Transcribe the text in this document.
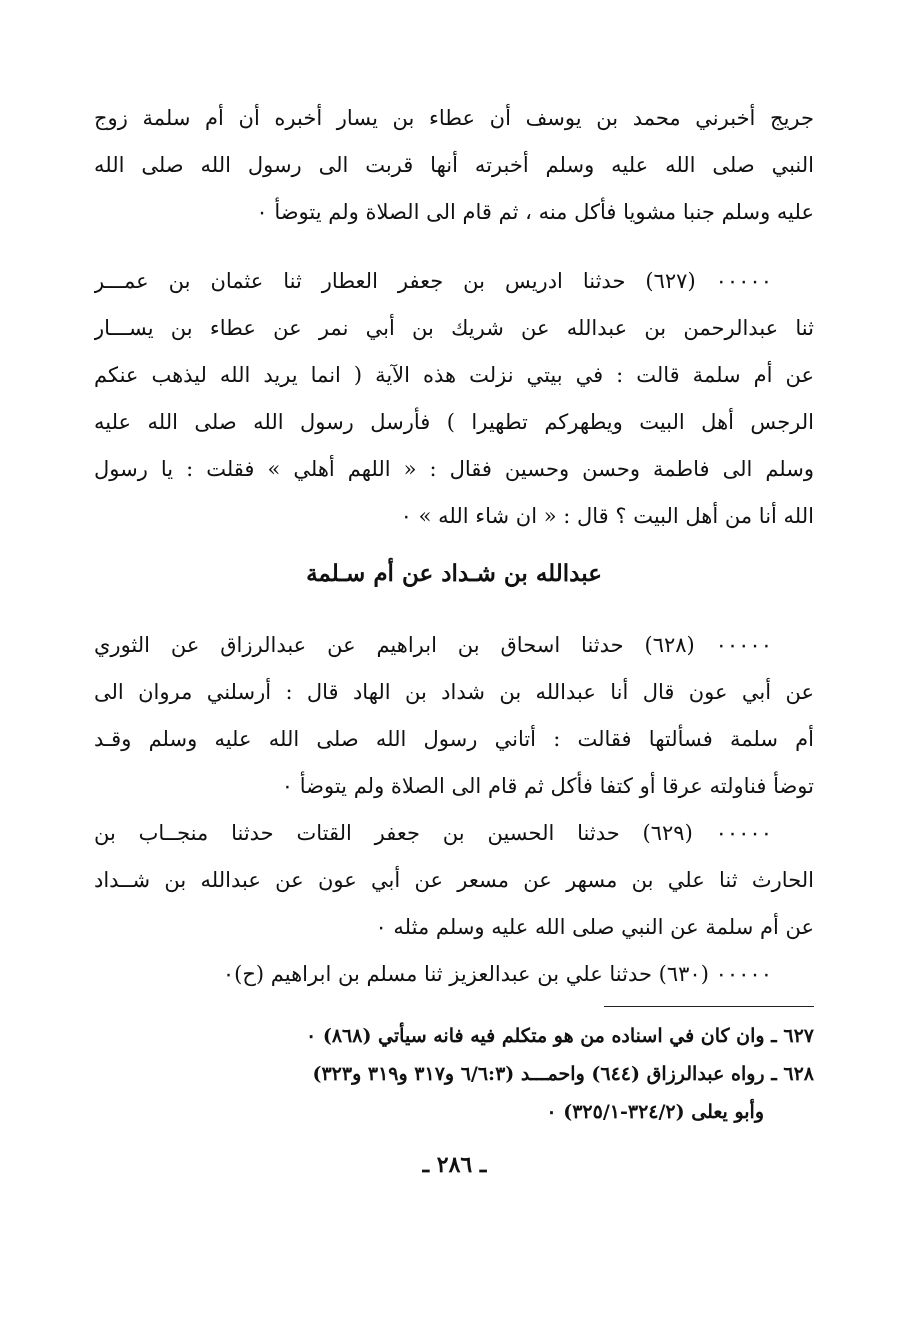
جريج أخبرني محمد بن يوسف أن عطاء بن يسار أخبره أن أم سلمة زوج
النبي صلى الله عليه وسلم أخبرته أنها قربت الى رسول الله صلى الله
عليه وسلم جنبا مشويا فأكل منه ، ثم قام الى الصلاة ولم يتوضأ ٠
٠٠٠٠٠ (٦٢٧) حدثنا ادريس بن جعفر العطار ثنا عثمان بن عمـــر
ثنا عبدالرحمن بن عبدالله عن شريك بن أبي نمر عن عطاء بن يســـار
عن أم سلمة قالت : في بيتي نزلت هذه الآية ( انما يريد الله ليذهب عنكم
الرجس أهل البيت ويطهركم تطهيرا ) فأرسل رسول الله صلى الله عليه
وسلم الى فاطمة وحسن وحسين فقال : « اللهم أهلي » فقلت : يا رسول
الله أنا من أهل البيت ؟ قال : « ان شاء الله » ٠
عبدالله بن شـداد عن أم سـلمة
٠٠٠٠٠ (٦٢٨) حدثنا اسحاق بن ابراهيم عن عبدالرزاق عن الثوري
عن أبي عون قال أنا عبدالله بن شداد بن الهاد قال : أرسلني مروان الى
أم سلمة فسألتها فقالت : أتاني رسول الله صلى الله عليه وسلم وقـد
توضأ فناولته عرقا أو كتفا فأكل ثم قام الى الصلاة ولم يتوضأ ٠
٠٠٠٠٠ (٦٢٩) حدثنا الحسين بن جعفر القتات حدثنا منجــاب بن
الحارث ثنا علي بن مسهر عن مسعر عن أبي عون عن عبدالله بن شــداد
عن أم سلمة عن النبي صلى الله عليه وسلم مثله ٠
٠٠٠٠٠ (٦٣٠) حدثنا علي بن عبدالعزيز ثنا مسلم بن ابراهيم (ح)٠
٦٢٧ ـ وان كان في اسناده من هو متكلم فيه فانه سيأتي (٨٦٨) ٠
٦٢٨ ـ رواه عبدالرزاق (٦٤٤) واحمـــد (٦/٦:٣ و٣١٧ و٣١٩ و٣٢٣)
وأبو يعلى (٣٢٤/٢-٣٢٥/١) ٠
ـ ٢٨٦ ـ
